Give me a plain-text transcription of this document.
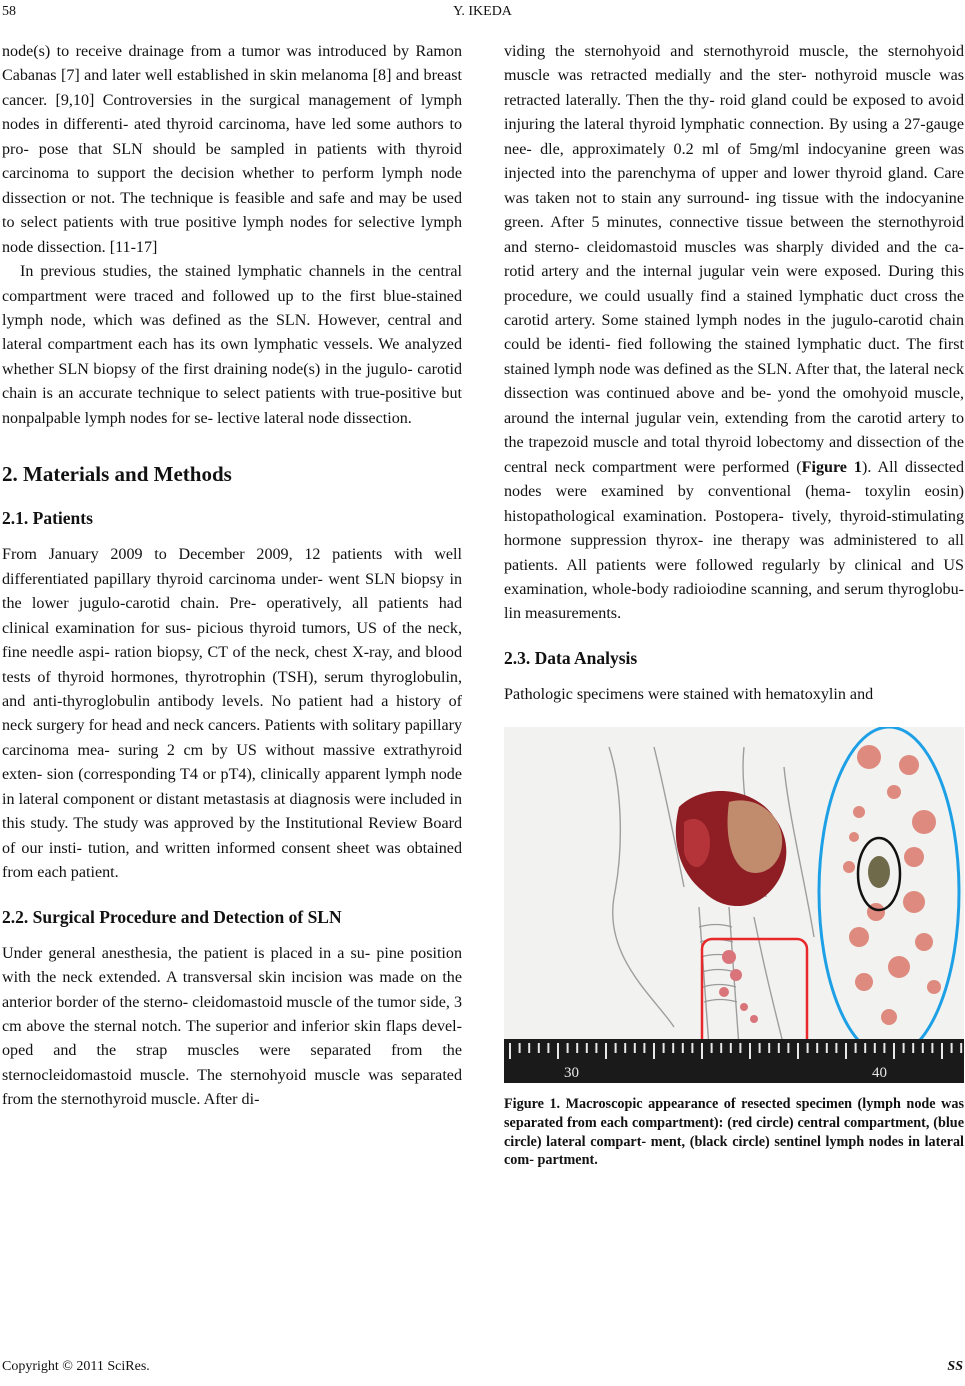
58	Y. IKEDA

node(s) to receive drainage from a tumor was introduced by Ramon Cabanas [7] and later well established in skin melanoma [8] and breast cancer. [9,10] Controversies in the surgical management of lymph nodes in differenti- ated thyroid carcinoma, have led some authors to pro- pose that SLN should be sampled in patients with thyroid carcinoma to support the decision whether to perform lymph node dissection or not. The technique is feasible and safe and may be used to select patients with true positive lymph nodes for selective lymph node dissection. [11-17]

In previous studies, the stained lymphatic channels in the central compartment were traced and followed up to the first blue-stained lymph node, which was defined as the SLN. However, central and lateral compartment each has its own lymphatic vessels. We analyzed whether SLN biopsy of the first draining node(s) in the jugulo- carotid chain is an accurate technique to select patients with true-positive but nonpalpable lymph nodes for se- lective lateral node dissection.

2. Materials and Methods
2.1. Patients

From January 2009 to December 2009, 12 patients with well differentiated papillary thyroid carcinoma under- went SLN biopsy in the lower jugulo-carotid chain. Pre- operatively, all patients had clinical examination for sus- picious thyroid tumors, US of the neck, fine needle aspi- ration biopsy, CT of the neck, chest X-ray, and blood tests of thyroid hormones, thyrotrophin (TSH), serum thyroglobulin, and anti-thyroglobulin antibody levels. No patient had a history of neck surgery for head and neck cancers. Patients with solitary papillary carcinoma mea- suring 2 cm by US without massive extrathyroid exten- sion (corresponding T4 or pT4), clinically apparent lymph node in lateral component or distant metastasis at diagnosis were included in this study. The study was approved by the Institutional Review Board of our insti- tution, and written informed consent sheet was obtained from each patient.

2.2. Surgical Procedure and Detection of SLN

Under general anesthesia, the patient is placed in a su- pine position with the neck extended. A transversal skin incision was made on the anterior border of the sterno- cleidomastoid muscle of the tumor side, 3 cm above the sternal notch. The superior and inferior skin flaps devel- oped and the strap muscles were separated from the sternocleidomastoid muscle. The sternohyoid muscle was separated from the sternothyroid muscle. After di-

viding the sternohyoid and sternothyroid muscle, the sternohyoid muscle was retracted medially and the ster- nothyroid muscle was retracted laterally. Then the thy- roid gland could be exposed to avoid injuring the lateral thyroid lymphatic connection. By using a 27-gauge nee- dle, approximately 0.2 ml of 5mg/ml indocyanine green was injected into the parenchyma of upper and lower thyroid gland. Care was taken not to stain any surround- ing tissue with the indocyanine green. After 5 minutes, connective tissue between the sternothyroid and sterno- cleidomastoid muscles was sharply divided and the ca- rotid artery and the internal jugular vein were exposed. During this procedure, we could usually find a stained lymphatic duct cross the carotid artery. Some stained lymph nodes in the jugulo-carotid chain could be identi- fied following the stained lymphatic duct. The first stained lymph node was defined as the SLN. After that, the lateral neck dissection was continued above and be- yond the omohyoid muscle, around the internal jugular vein, extending from the carotid artery to the trapezoid muscle and total thyroid lobectomy and dissection of the central neck compartment were performed (Figure 1). All dissected nodes were examined by conventional (hema- toxylin eosin) histopathological examination. Postopera- tively, thyroid-stimulating hormone suppression thyrox- ine therapy was administered to all patients. All patients were followed regularly by clinical and US examination, whole-body radioiodine scanning, and serum thyroglobu- lin measurements.

2.3. Data Analysis

Pathologic specimens were stained with hematoxylin and

30	40
Figure 1. Macroscopic appearance of resected specimen (lymph node was separated from each compartment): (red circle) central compartment, (blue circle) lateral compart- ment, (black circle) sentinel lymph nodes in lateral com- partment.
Copyright © 2011 SciRes.	SS
